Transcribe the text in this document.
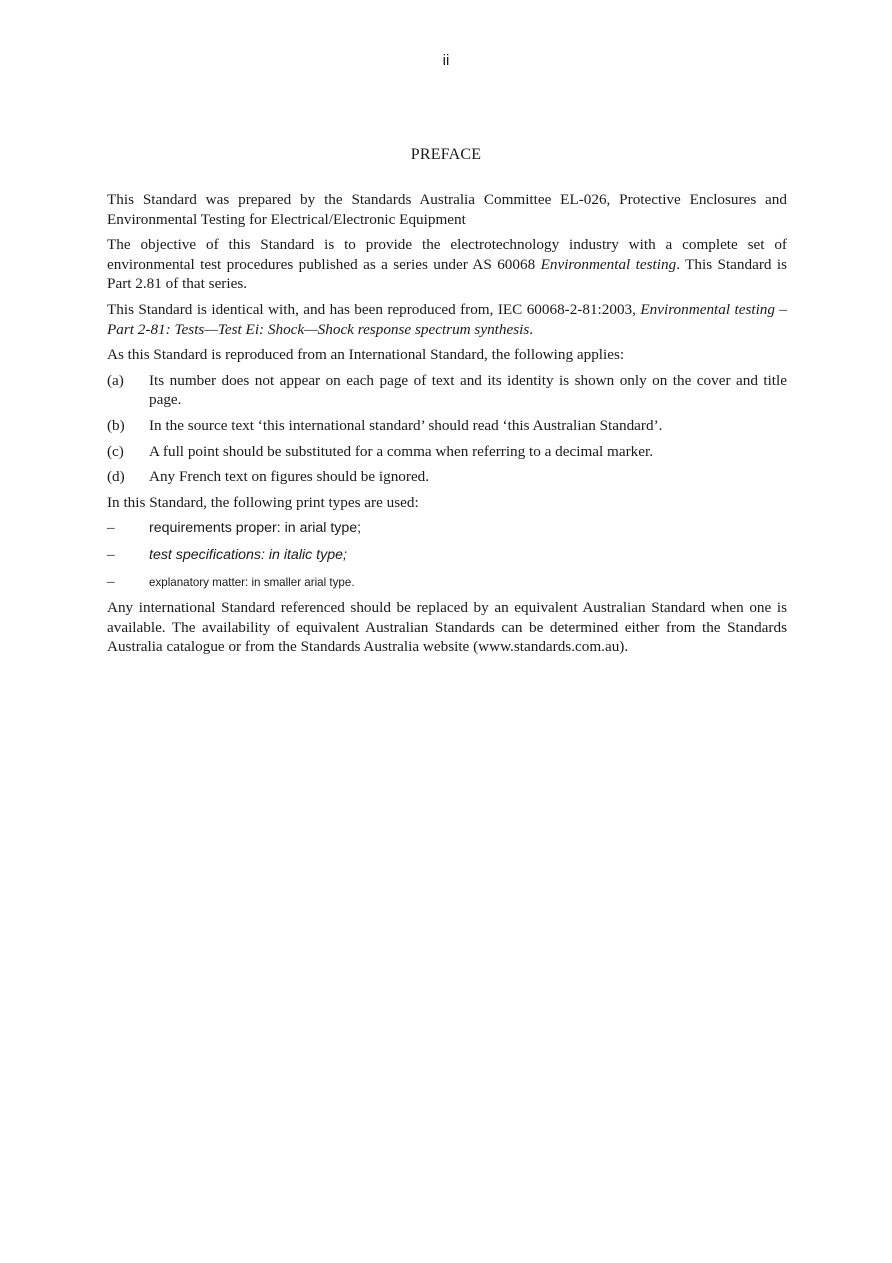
ii
PREFACE

This Standard was prepared by the Standards Australia Committee EL-026, Protective Enclosures and Environmental Testing for Electrical/Electronic Equipment

The objective of this Standard is to provide the electrotechnology industry with a complete set of environmental test procedures published as a series under AS 60068 Environmental testing. This Standard is Part 2.81 of that series.

This Standard is identical with, and has been reproduced from, IEC 60068-2-81:2003, Environmental testing – Part 2-81: Tests—Test Ei: Shock—Shock response spectrum synthesis.

As this Standard is reproduced from an International Standard, the following applies:

(a)	Its number does not appear on each page of text and its identity is shown only on the cover and title page.
(b)	In the source text ‘this international standard’ should read ‘this Australian Standard’.
(c)	A full point should be substituted for a comma when referring to a decimal marker.
(d)	Any French text on figures should be ignored.

In this Standard, the following print types are used:

–	requirements proper: in arial type;
–	test specifications: in italic type;
–	explanatory matter: in smaller arial type.

Any international Standard referenced should be replaced by an equivalent Australian Standard when one is available. The availability of equivalent Australian Standards can be determined either from the Standards Australia catalogue or from the Standards Australia website (www.standards.com.au).
